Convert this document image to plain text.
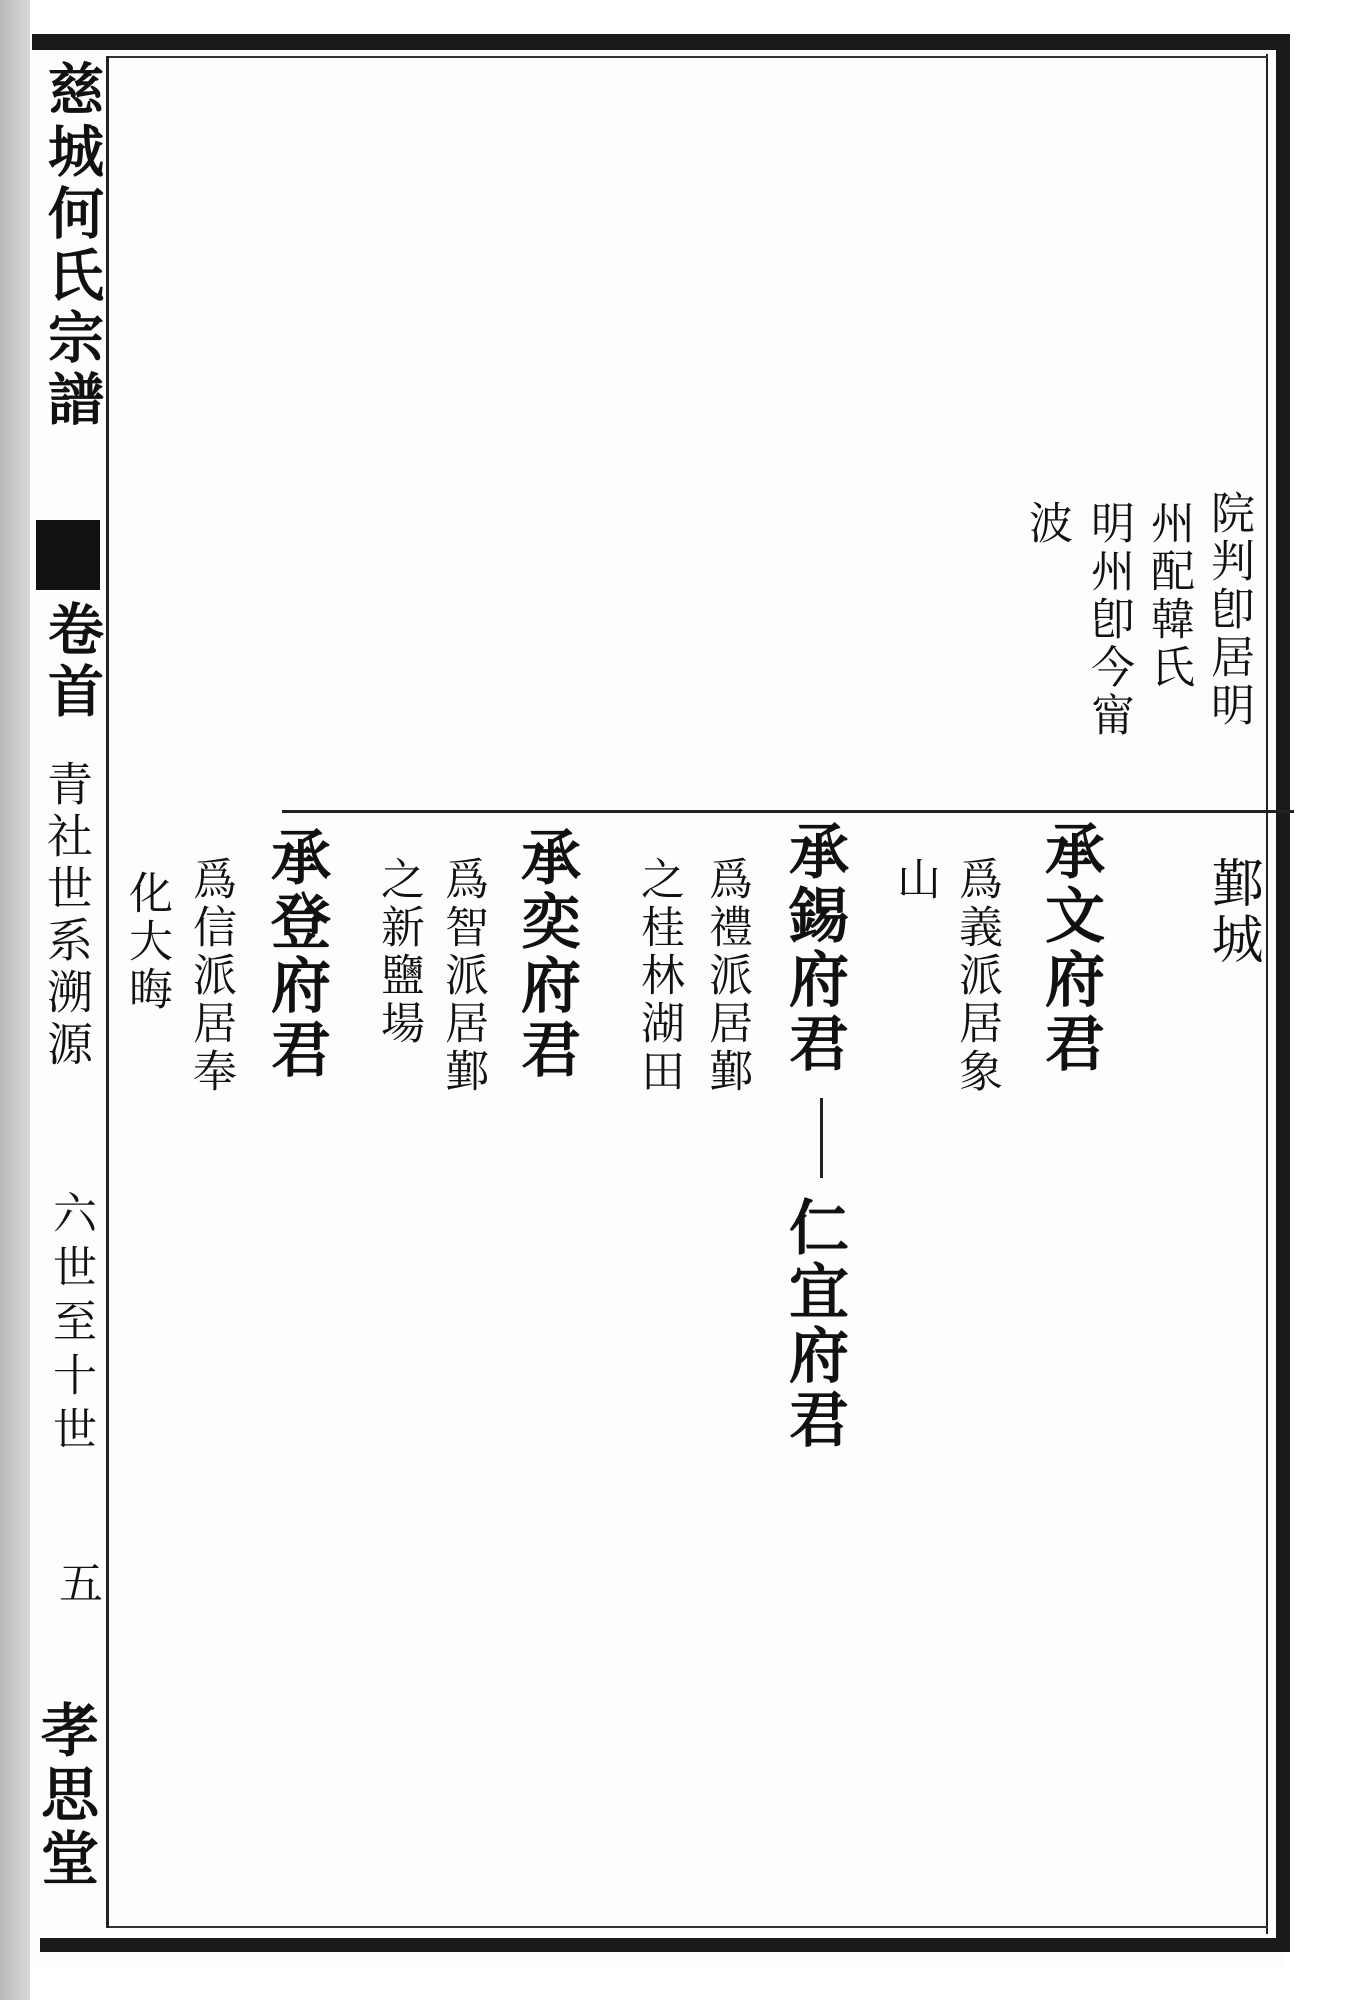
慈城何氏宗譜
卷首
青社世系溯源
六世至十世
五
孝思堂
院判卽居明
州配韓氏
明州卽今甯
波
鄞城
承文府君
爲義派居象
山
承錫府君
爲禮派居鄞
之桂林湖田
仁宜府君
承奕府君
爲智派居鄞
之新鹽場
承登府君
爲信派居奉
化大晦
